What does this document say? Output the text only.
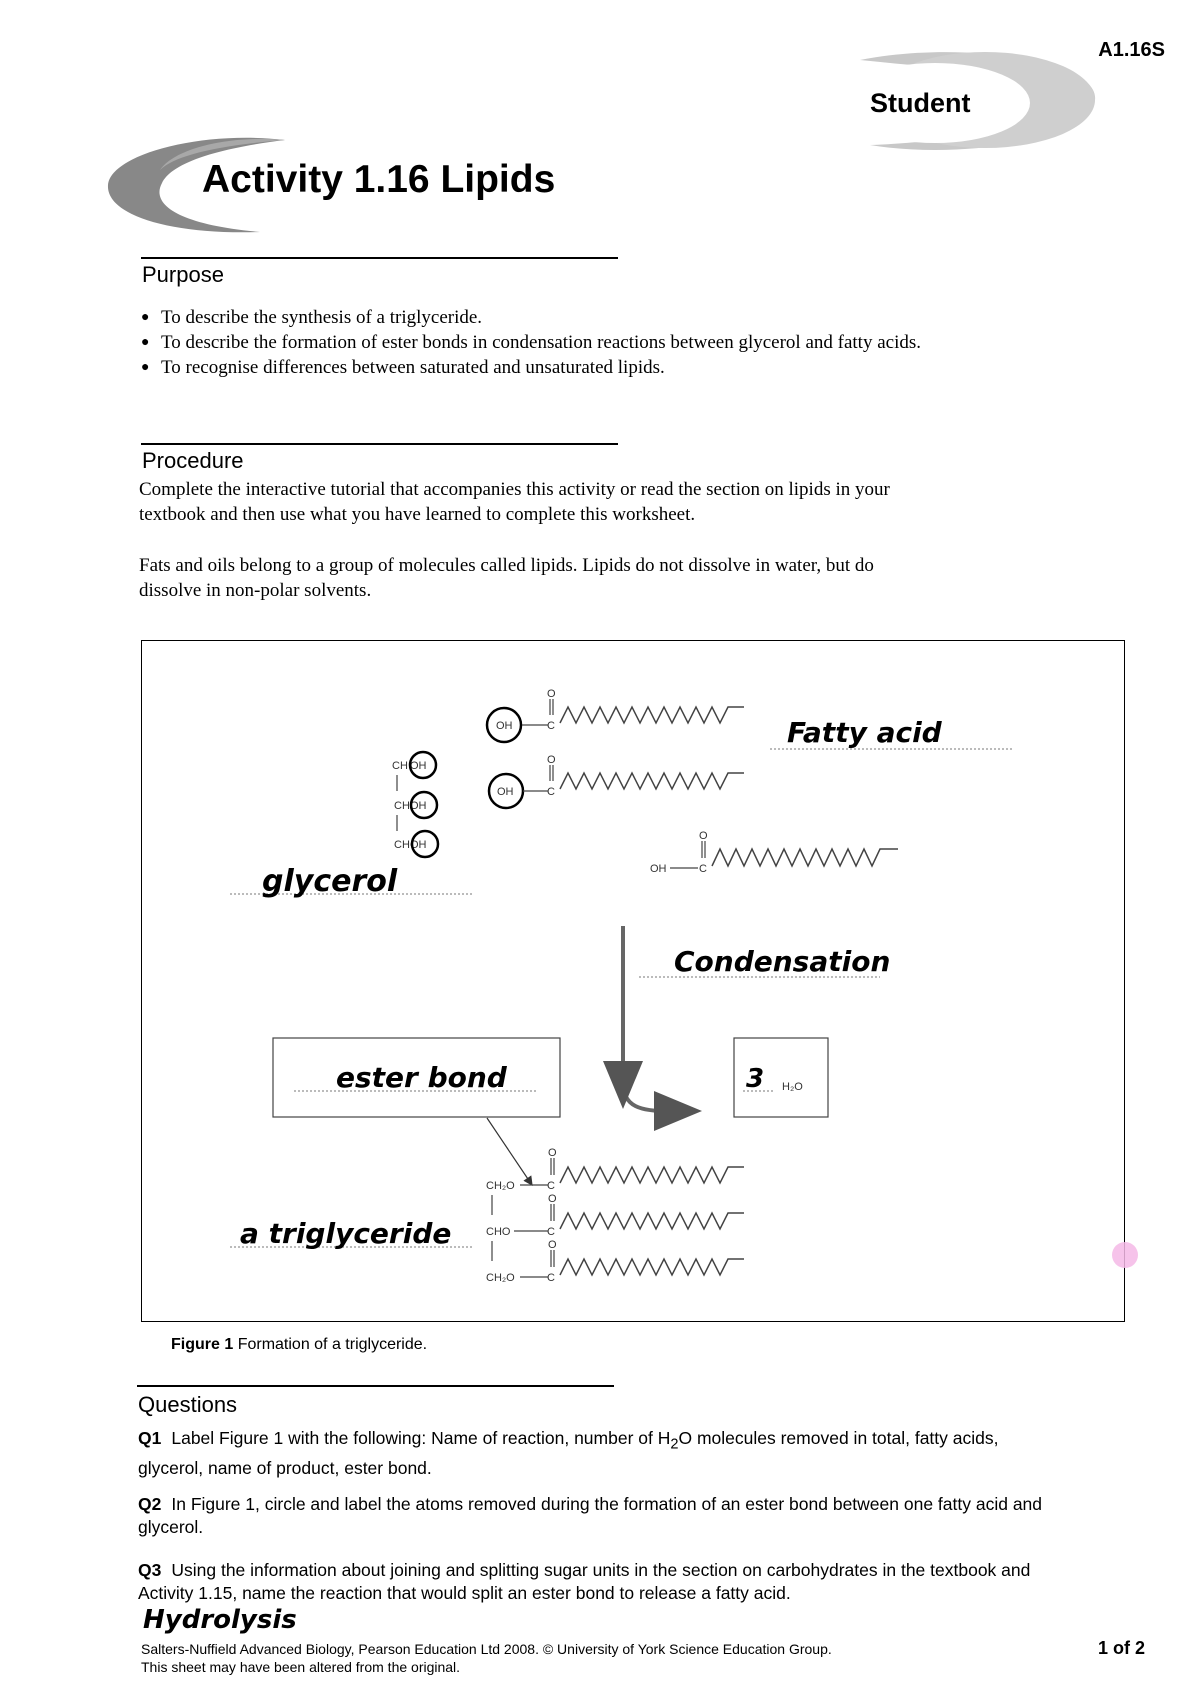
A1.16S
Student
Activity 1.16 Lipids
Purpose
● To describe the synthesis of a triglyceride.
● To describe the formation of ester bonds in condensation reactions between glycerol and fatty acids.
● To recognise differences between saturated and unsaturated lipids.
Procedure
Complete the interactive tutorial that accompanies this activity or read the section on lipids in your textbook and then use what you have learned to complete this worksheet.
Fats and oils belong to a group of molecules called lipids. Lipids do not dissolve in water, but do dissolve in non-polar solvents.
OH	C
O
OH	C
O
OH	C
O
CH OH
CH OH
CH OH
Fatty acid
glycerol
Condensation
ester bond	3 H₂O
CH₂O	C
O
CHO	C
O
CH₂O	C
O
a triglyceride
Figure 1 Formation of a triglyceride.
Questions
Q1 Label Figure 1 with the following: Name of reaction, number of $H_2O$ molecules removed in total, fatty acids, glycerol, name of product, ester bond.
Q2 In Figure 1, circle and label the atoms removed during the formation of an ester bond between one fatty acid and glycerol.
Q3 Using the information about joining and splitting sugar units in the section on carbohydrates in the textbook and Activity 1.15, name the reaction that would split an ester bond to release a fatty acid.
Hydrolysis
Salters-Nuffield Advanced Biology, Pearson Education Ltd 2008. © University of York Science Education Group.
This sheet may have been altered from the original.
1 of 2
